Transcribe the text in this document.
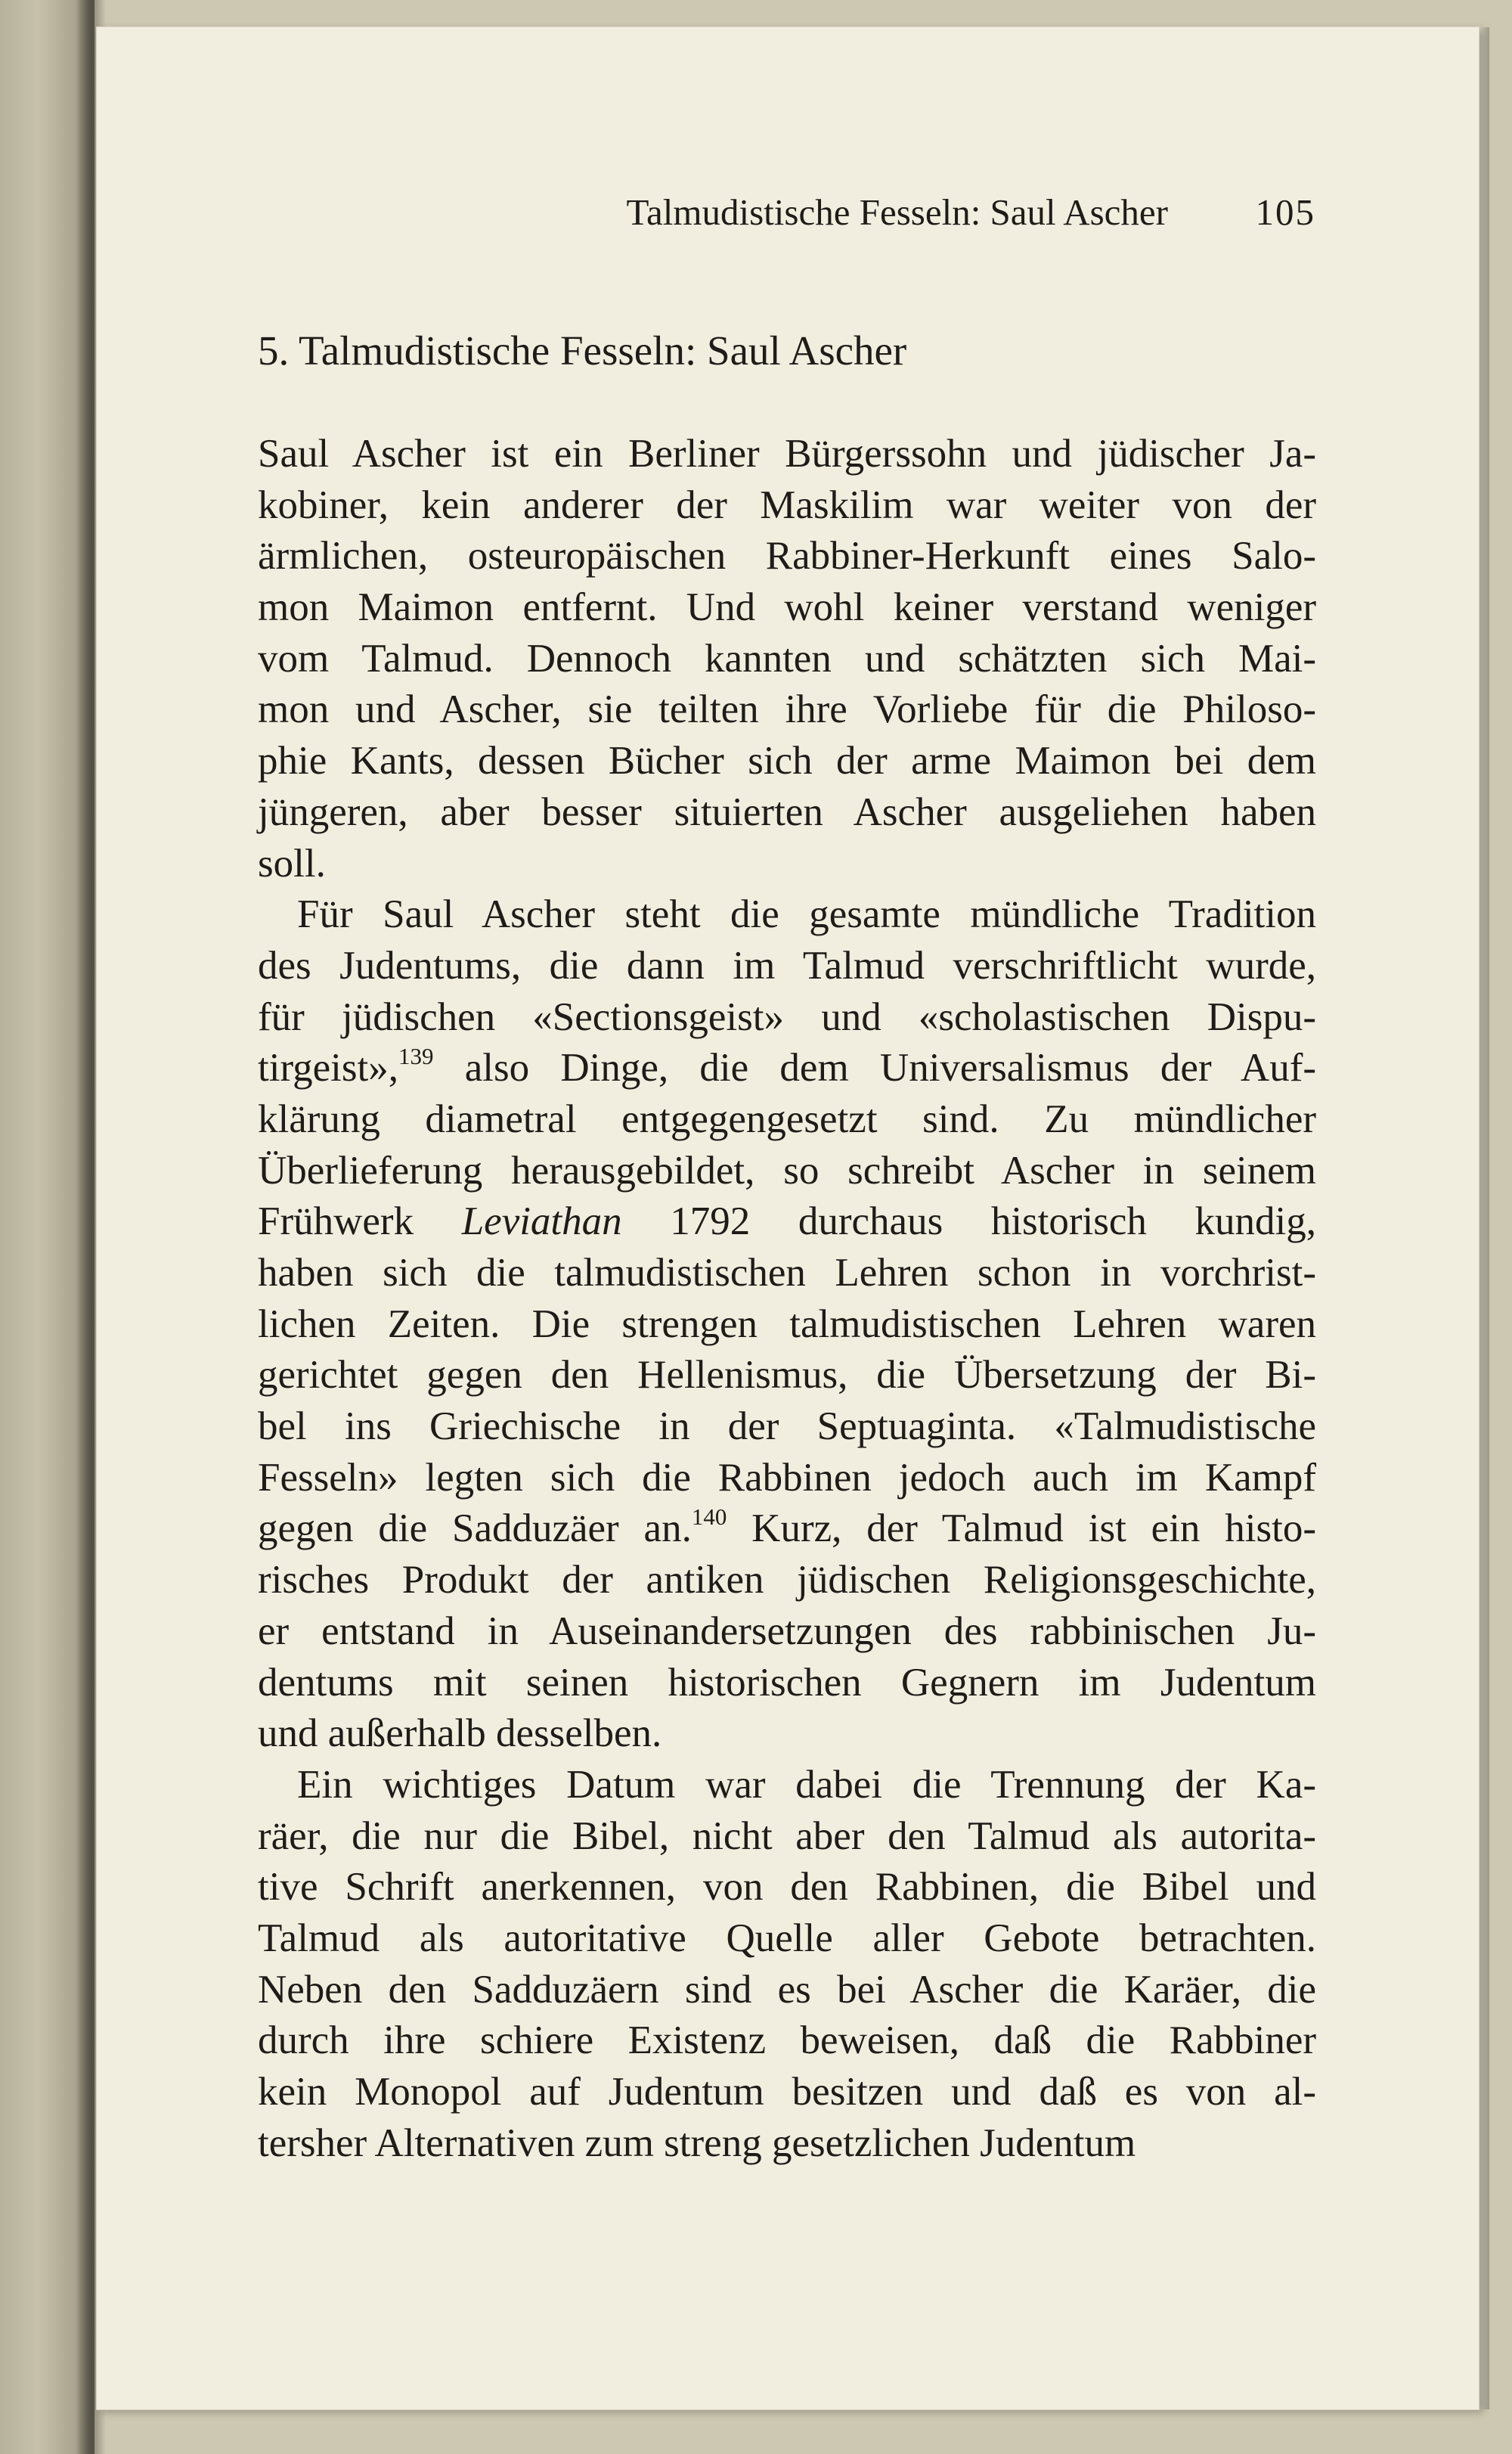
Talmudistische Fesseln: Saul Ascher 105
5. Talmudistische Fesseln: Saul Ascher
Saul Ascher ist ein Berliner Bürgerssohn und jüdischer Ja-
kobiner, kein anderer der Maskilim war weiter von der
ärmlichen, osteuropäischen Rabbiner-Herkunft eines Salo-
mon Maimon entfernt. Und wohl keiner verstand weniger
vom Talmud. Dennoch kannten und schätzten sich Mai-
mon und Ascher, sie teilten ihre Vorliebe für die Philoso-
phie Kants, dessen Bücher sich der arme Maimon bei dem
jüngeren, aber besser situierten Ascher ausgeliehen haben
soll.
Für Saul Ascher steht die gesamte mündliche Tradition
des Judentums, die dann im Talmud verschriftlicht wurde,
für jüdischen «Sectionsgeist» und «scholastischen Dispu-
tirgeist»,$^{139}$ also Dinge, die dem Universalismus der Auf-
klärung diametral entgegengesetzt sind. Zu mündlicher
Überlieferung herausgebildet, so schreibt Ascher in seinem
Frühwerk Leviathan 1792 durchaus historisch kundig,
haben sich die talmudistischen Lehren schon in vorchrist-
lichen Zeiten. Die strengen talmudistischen Lehren waren
gerichtet gegen den Hellenismus, die Übersetzung der Bi-
bel ins Griechische in der Septuaginta. «Talmudistische
Fesseln» legten sich die Rabbinen jedoch auch im Kampf
gegen die Sadduzäer an.$^{140}$ Kurz, der Talmud ist ein histo-
risches Produkt der antiken jüdischen Religionsgeschichte,
er entstand in Auseinandersetzungen des rabbinischen Ju-
dentums mit seinen historischen Gegnern im Judentum
und außerhalb desselben.
Ein wichtiges Datum war dabei die Trennung der Ka-
räer, die nur die Bibel, nicht aber den Talmud als autorita-
tive Schrift anerkennen, von den Rabbinen, die Bibel und
Talmud als autoritative Quelle aller Gebote betrachten.
Neben den Sadduzäern sind es bei Ascher die Karäer, die
durch ihre schiere Existenz beweisen, daß die Rabbiner
kein Monopol auf Judentum besitzen und daß es von al-
tersher Alternativen zum streng gesetzlichen Judentum
